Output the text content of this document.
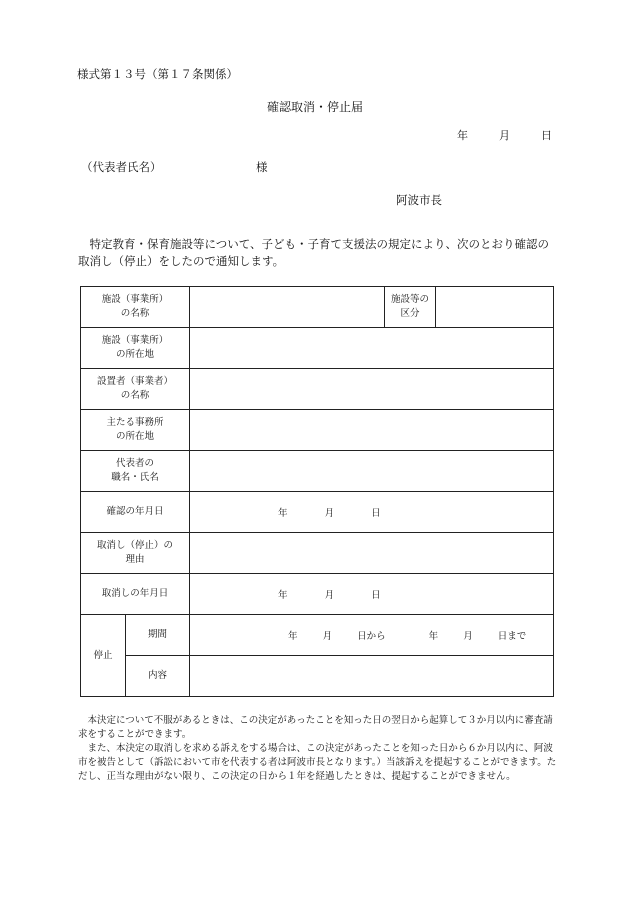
様式第１３号（第１７条関係）
確認取消・停止届
年	月	日
（代表者氏名）	様
阿波市長
特定教育・保育施設等について、子ども・子育て支援法の規定により、次のとおり確認の取消し（停止）をしたので通知します。
施設（事業所）
の名称			施設等の
区分	

施設（事業所）
の所在地				

設置者（事業者）
の名称				

主たる事務所
の所在地				

代表者の
職名・氏名				

確認の年月日		年 月 日		

取消し（停止）の
理由				

取消しの年月日		年 月 日		
停止	期間	年 月 日から 年 月 日まで		
	内容			

本決定について不服があるときは、この決定があったことを知った日の翌日から起算して３か月以内に審査請求をすることができます。

また、本決定の取消しを求める訴えをする場合は、この決定があったことを知った日から６か月以内に、阿波市を被告として（訴訟において市を代表する者は阿波市長となります。）当該訴えを提起することができます。ただし、正当な理由がない限り、この決定の日から１年を経過したときは、提起することができません。
